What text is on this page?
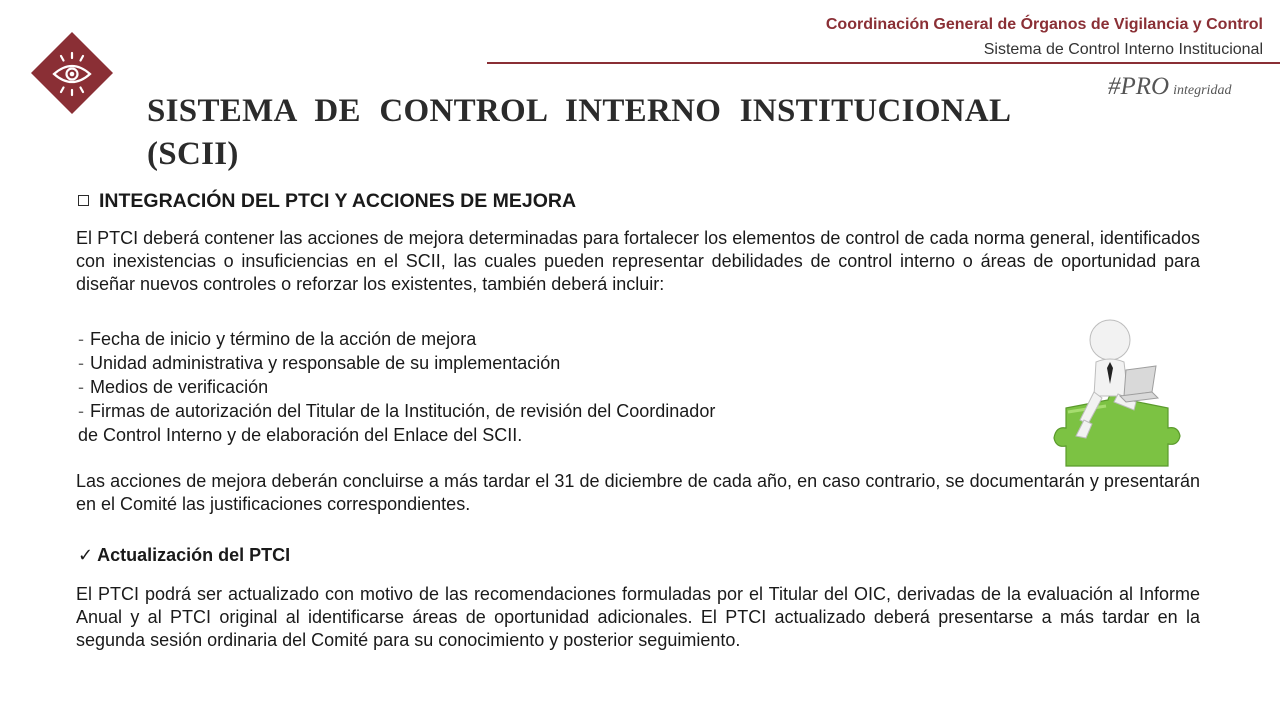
Coordinación General de Órganos de Vigilancia y Control
Sistema de Control Interno Institucional
#PRO integridad
SISTEMA DE CONTROL INTERNO INSTITUCIONAL (SCII)
INTEGRACIÓN DEL PTCI Y ACCIONES DE MEJORA

El PTCI deberá contener las acciones de mejora determinadas para fortalecer los elementos de control de cada norma general, identificados con inexistencias o insuficiencias en el SCII, las cuales pueden representar debilidades de control interno o áreas de oportunidad para diseñar nuevos controles o reforzar los existentes, también deberá incluir:

- Fecha de inicio y término de la acción de mejora
- Unidad administrativa y responsable de su implementación
- Medios de verificación
- Firmas de autorización del Titular de la Institución, de revisión del Coordinador
de Control Interno y de elaboración del Enlace del SCII.

Las acciones de mejora deberán concluirse a más tardar el 31 de diciembre de cada año, en caso contrario, se documentarán y presentarán en el Comité las justificaciones correspondientes.

✓ Actualización del PTCI

El PTCI podrá ser actualizado con motivo de las recomendaciones formuladas por el Titular del OIC, derivadas de la evaluación al Informe Anual y al PTCI original al identificarse áreas de oportunidad adicionales. El PTCI actualizado deberá presentarse a más tardar en la segunda sesión ordinaria del Comité para su conocimiento y posterior seguimiento.
